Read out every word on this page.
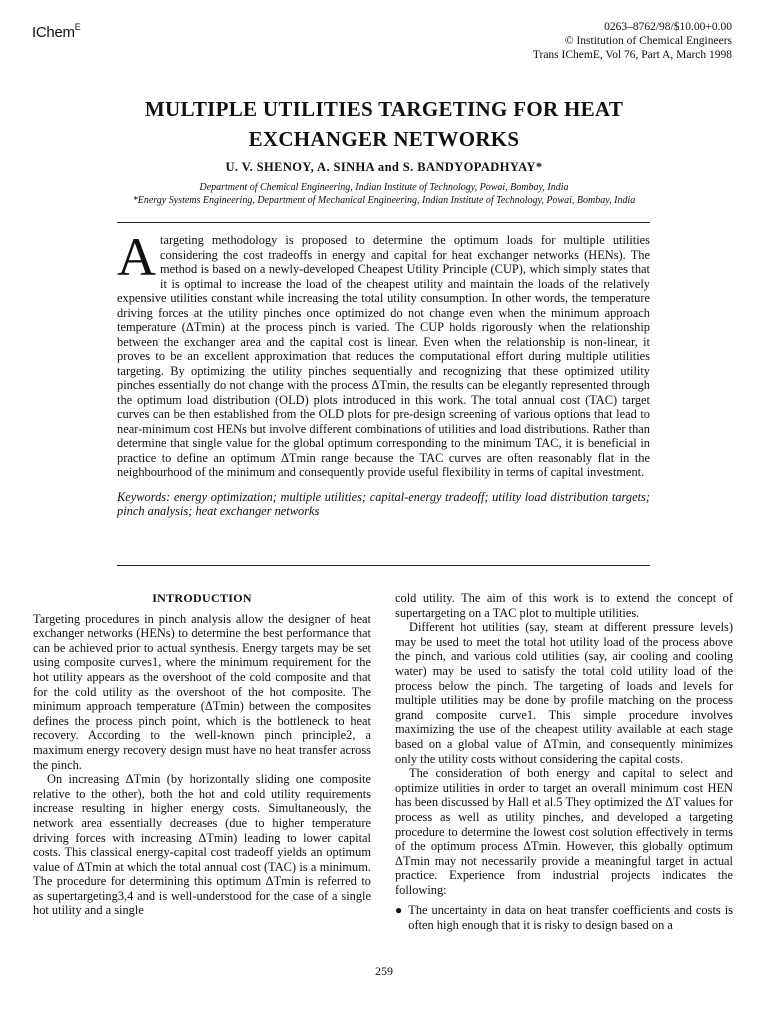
IChem$^E$	0263–8762/98/$10.00+0.00
© Institution of Chemical Engineers
Trans IChemE, Vol 76, Part A, March 1998
MULTIPLE UTILITIES TARGETING FOR HEAT
EXCHANGER NETWORKS
U. V. SHENOY, A. SINHA and S. BANDYOPADHYAY*
Department of Chemical Engineering, Indian Institute of Technology, Powai, Bombay, India
*Energy Systems Engineering, Department of Mechanical Engineering, Indian Institute of Technology, Powai, Bombay, India

Atargeting methodology is proposed to determine the optimum loads for multiple utilities considering the cost tradeoffs in energy and capital for heat exchanger networks (HENs). The method is based on a newly-developed Cheapest Utility Principle (CUP), which simply states that it is optimal to increase the load of the cheapest utility and maintain the loads of the relatively expensive utilities constant while increasing the total utility consumption. In other words, the temperature driving forces at the utility pinches once optimized do not change even when the minimum approach temperature (ΔTmin) at the process pinch is varied. The CUP holds rigorously when the relationship between the exchanger area and the capital cost is linear. Even when the relationship is non-linear, it proves to be an excellent approximation that reduces the computational effort during multiple utilities targeting. By optimizing the utility pinches sequentially and recognizing that these optimized utility pinches essentially do not change with the process ΔTmin, the results can be elegantly represented through the optimum load distribution (OLD) plots introduced in this work. The total annual cost (TAC) target curves can be then established from the OLD plots for pre-design screening of various options that lead to near-minimum cost HENs but involve different combinations of utilities and load distributions. Rather than determine that single value for the global optimum corresponding to the minimum TAC, it is beneficial in practice to define an optimum ΔTmin range because the TAC curves are often reasonably flat in the neighbourhood of the minimum and consequently provide useful flexibility in terms of capital investment.

Keywords: energy optimization; multiple utilities; capital-energy tradeoff; utility load distribution targets; pinch analysis; heat exchanger networks

INTRODUCTION

Targeting procedures in pinch analysis allow the designer of heat exchanger networks (HENs) to determine the best performance that can be achieved prior to actual synthesis. Energy targets may be set using composite curves1, where the minimum requirement for the hot utility appears as the overshoot of the cold composite and that for the cold utility as the overshoot of the hot composite. The minimum approach temperature (ΔTmin) between the composites defines the process pinch point, which is the bottleneck to heat recovery. According to the well-known pinch principle2, a maximum energy recovery design must have no heat transfer across the pinch.

On increasing ΔTmin (by horizontally sliding one composite relative to the other), both the hot and cold utility requirements increase resulting in higher energy costs. Simultaneously, the network area essentially decreases (due to higher temperature driving forces with increasing ΔTmin) leading to lower capital costs. This classical energy-capital cost tradeoff yields an optimum value of ΔTmin at which the total annual cost (TAC) is a minimum. The procedure for determining this optimum ΔTmin is referred to as supertargeting3,4 and is well-understood for the case of a single hot utility and a single

cold utility. The aim of this work is to extend the concept of supertargeting on a TAC plot to multiple utilities.

Different hot utilities (say, steam at different pressure levels) may be used to meet the total hot utility load of the process above the pinch, and various cold utilities (say, air cooling and cooling water) may be used to satisfy the total cold utility load of the process below the pinch. The targeting of loads and levels for multiple utilities may be done by profile matching on the process grand composite curve1. This simple procedure involves maximizing the use of the cheapest utility available at each stage based on a global value of ΔTmin, and consequently minimizes only the utility costs without considering the capital costs.

The consideration of both energy and capital to select and optimize utilities in order to target an overall minimum cost HEN has been discussed by Hall et al.5 They optimized the ΔT values for process as well as utility pinches, and developed a targeting procedure to determine the lowest cost solution effectively in terms of the optimum process ΔTmin. However, this globally optimum ΔTmin may not necessarily provide a meaningful target in actual practice. Experience from industrial projects indicates the following:

● The uncertainty in data on heat transfer coefficients and costs is often high enough that it is risky to design based on a
259
